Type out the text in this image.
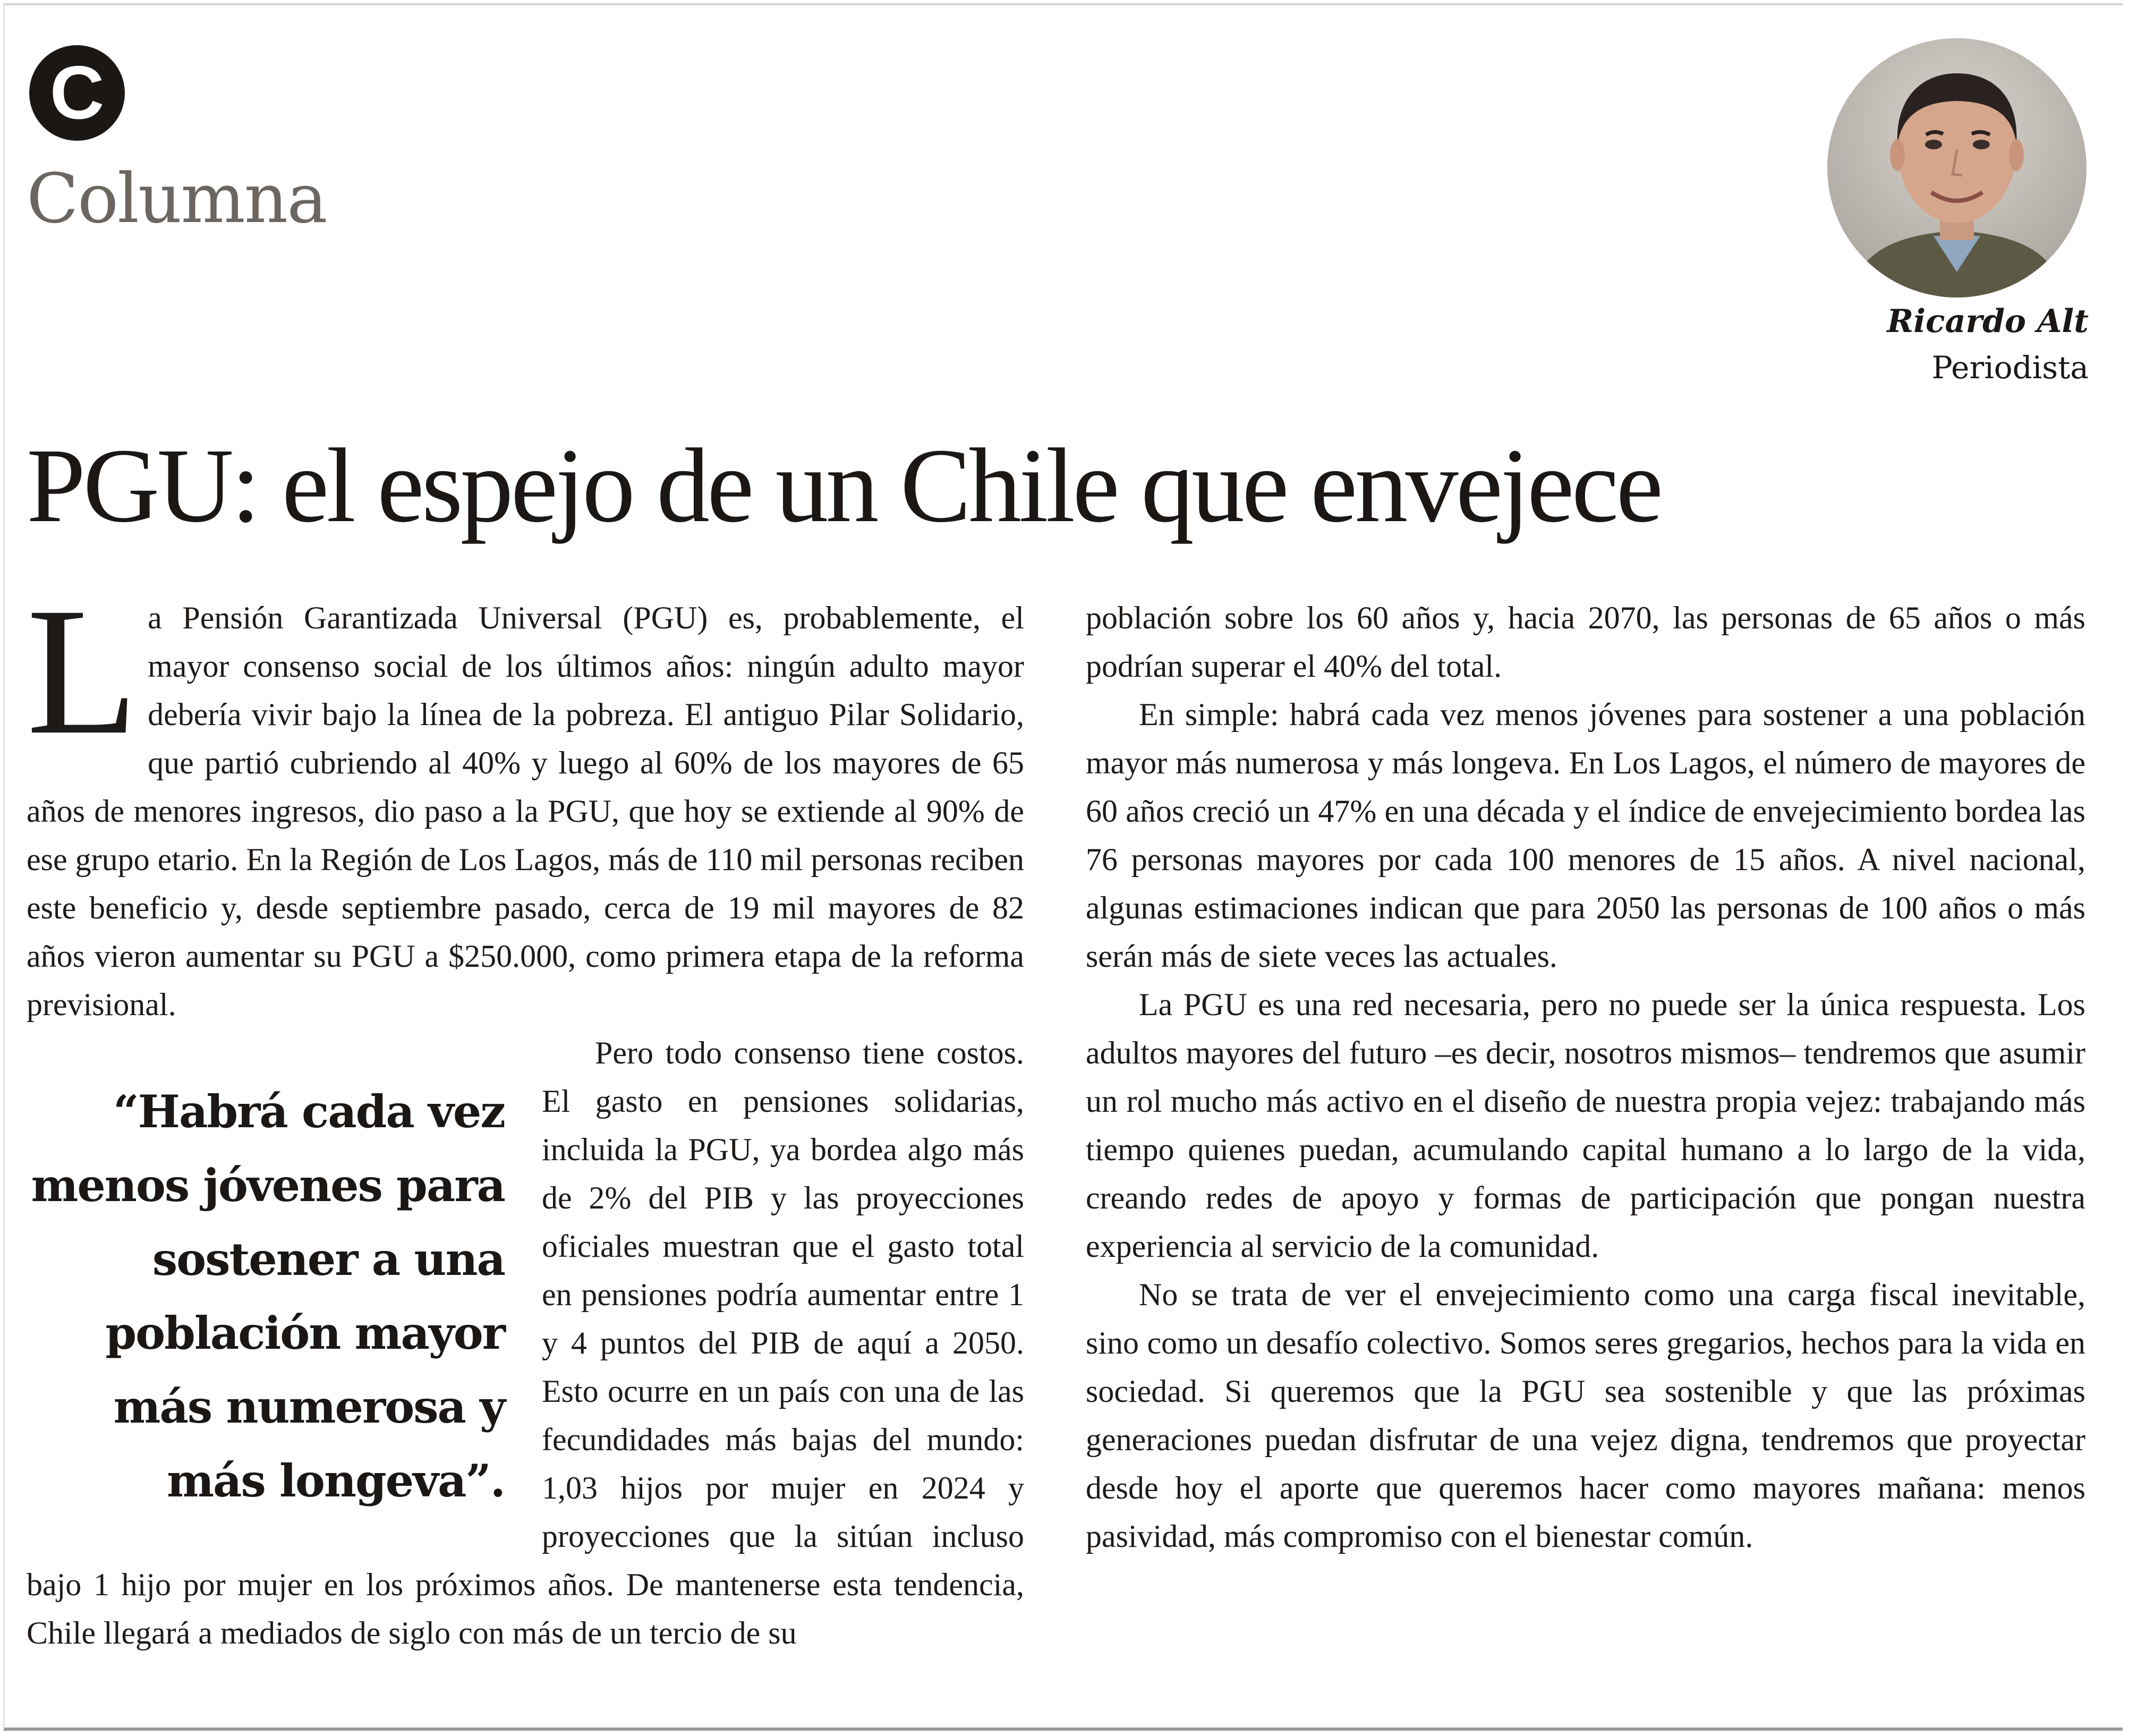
C
Columna
Ricardo Alt
Periodista
PGU: el espejo de un Chile que envejece

La Pensión Garantizada Universal (PGU) es, probablemente, el mayor consenso social de los últimos años: ningún adulto mayor debería vivir bajo la línea de la pobreza. El antiguo Pilar Solidario, que partió cubriendo al 40% y luego al 60% de los mayores de 65 años de menores ingresos, dio paso a la PGU, que hoy se extiende al 90% de ese grupo etario. En la Región de Los Lagos, más de 110 mil personas reciben este beneficio y, desde septiembre pasado, cerca de 19 mil mayores de 82 años vieron aumentar su PGU a $250.000, como primera etapa de la reforma previsional.

“Habrá cada vez menos jóvenes para sostener a una población mayor más numerosa y más longeva”.

Pero todo consenso tiene costos. El gasto en pensiones solidarias, incluida la PGU, ya bordea algo más de 2% del PIB y las proyecciones oficiales muestran que el gasto total en pensiones podría aumentar entre 1 y 4 puntos del PIB de aquí a 2050. Esto ocurre en un país con una de las fecundidades más bajas del mundo: 1,03 hijos por mujer en 2024 y proyecciones que la sitúan incluso bajo 1 hijo por mujer en los próximos años. De mantenerse esta tendencia, Chile llegará a mediados de siglo con más de un tercio de su

población sobre los 60 años y, hacia 2070, las personas de 65 años o más podrían superar el 40% del total.

En simple: habrá cada vez menos jóvenes para sostener a una población mayor más numerosa y más longeva. En Los Lagos, el número de mayores de 60 años creció un 47% en una década y el índice de envejecimiento bordea las 76 personas mayores por cada 100 menores de 15 años. A nivel nacional, algunas estimaciones indican que para 2050 las personas de 100 años o más serán más de siete veces las actuales.

La PGU es una red necesaria, pero no puede ser la única respuesta. Los adultos mayores del futuro –es decir, nosotros mismos– tendremos que asumir un rol mucho más activo en el diseño de nuestra propia vejez: trabajando más tiempo quienes puedan, acumulando capital humano a lo largo de la vida, creando redes de apoyo y formas de participación que pongan nuestra experiencia al servicio de la comunidad.

No se trata de ver el envejecimiento como una carga fiscal inevitable, sino como un desafío colectivo. Somos seres gregarios, hechos para la vida en sociedad. Si queremos que la PGU sea sostenible y que las próximas generaciones puedan disfrutar de una vejez digna, tendremos que proyectar desde hoy el aporte que queremos hacer como mayores mañana: menos pasividad, más compromiso con el bienestar común.
